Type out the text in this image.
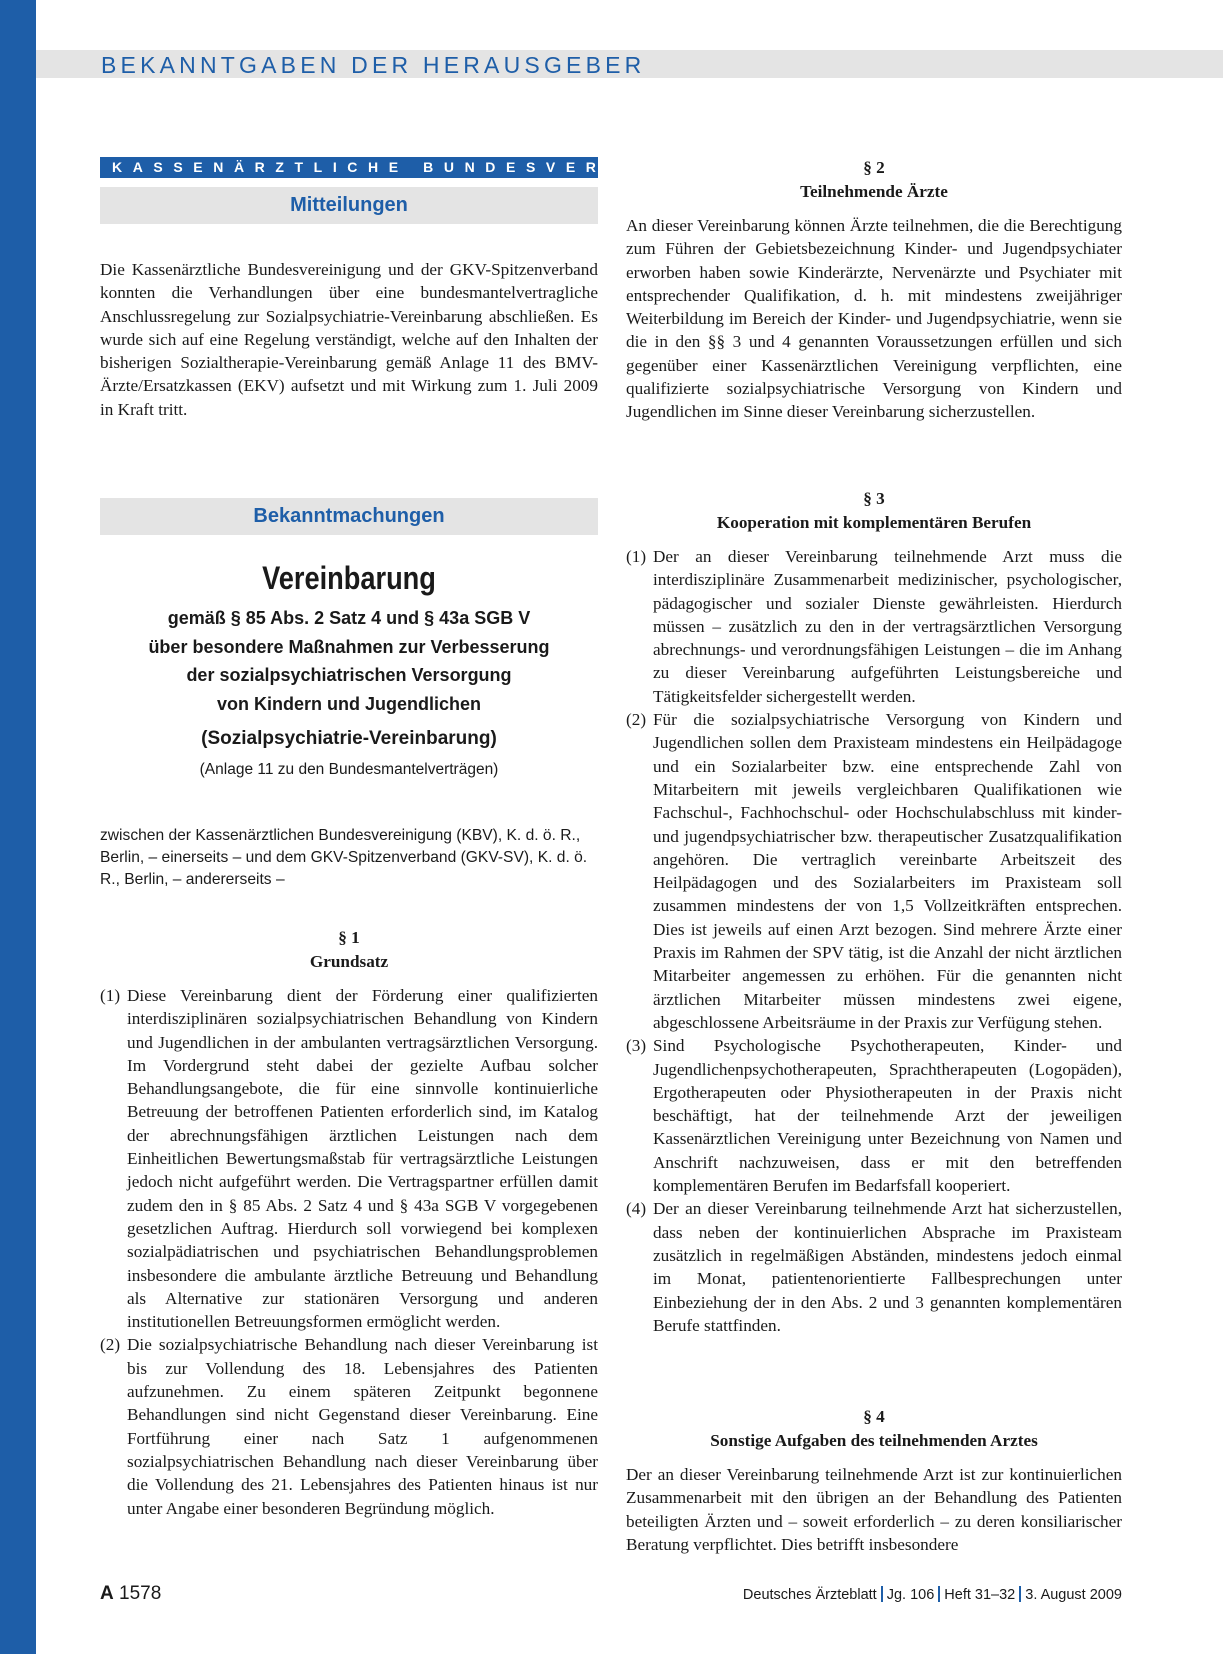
BEKANNTGABEN DER HERAUSGEBER
KASSENÄRZTLICHE BUNDESVEREINIGUNG
Mitteilungen

Die Kassenärztliche Bundesvereinigung und der GKV-Spitzenverband konnten die Verhandlungen über eine bundesmantelvertragliche Anschlussregelung zur Sozialpsychiatrie-Vereinbarung abschließen. Es wurde sich auf eine Regelung verständigt, welche auf den Inhalten der bisherigen Sozialtherapie-Vereinbarung gemäß Anlage 11 des BMV-Ärzte/Ersatzkassen (EKV) aufsetzt und mit Wirkung zum 1. Juli 2009 in Kraft tritt.

Bekanntmachungen

Vereinbarung

gemäß § 85 Abs. 2 Satz 4 und § 43a SGB V

über besondere Maßnahmen zur Verbesserung

der sozialpsychiatrischen Versorgung

von Kindern und Jugendlichen

(Sozialpsychiatrie-Vereinbarung)

(Anlage 11 zu den Bundesmantelverträgen)

zwischen der Kassenärztlichen Bundesvereinigung (KBV), K. d. ö. R., Berlin, – einerseits – und dem GKV-Spitzenverband (GKV-SV), K. d. ö. R., Berlin, – andererseits –

§ 1

Grundsatz

(1) Diese Vereinbarung dient der Förderung einer qualifizierten interdisziplinären sozialpsychiatrischen Behandlung von Kindern und Jugendlichen in der ambulanten vertragsärztlichen Versorgung. Im Vordergrund steht dabei der gezielte Aufbau solcher Behandlungsangebote, die für eine sinnvolle kontinuierliche Betreuung der betroffenen Patienten erforderlich sind, im Katalog der abrechnungsfähigen ärztlichen Leistungen nach dem Einheitlichen Bewertungsmaßstab für vertragsärztliche Leistungen jedoch nicht aufgeführt werden. Die Vertragspartner erfüllen damit zudem den in § 85 Abs. 2 Satz 4 und § 43a SGB V vorgegebenen gesetzlichen Auftrag. Hierdurch soll vorwiegend bei komplexen sozialpädiatrischen und psychiatrischen Behandlungsproblemen insbesondere die ambulante ärztliche Betreuung und Behandlung als Alternative zur stationären Versorgung und anderen institutionellen Betreuungsformen ermöglicht werden.
(2) Die sozialpsychiatrische Behandlung nach dieser Vereinbarung ist bis zur Vollendung des 18. Lebensjahres des Patienten aufzunehmen. Zu einem späteren Zeitpunkt begonnene Behandlungen sind nicht Gegenstand dieser Vereinbarung. Eine Fortführung einer nach Satz 1 aufgenommenen sozialpsychiatrischen Behandlung nach dieser Vereinbarung über die Vollendung des 21. Lebensjahres des Patienten hinaus ist nur unter Angabe einer besonderen Begründung möglich.

§ 2

Teilnehmende Ärzte

An dieser Vereinbarung können Ärzte teilnehmen, die die Berechtigung zum Führen der Gebietsbezeichnung Kinder- und Jugendpsychiater erworben haben sowie Kinderärzte, Nervenärzte und Psychiater mit entsprechender Qualifikation, d. h. mit mindestens zweijähriger Weiterbildung im Bereich der Kinder- und Jugendpsychiatrie, wenn sie die in den §§ 3 und 4 genannten Voraussetzungen erfüllen und sich gegenüber einer Kassenärztlichen Vereinigung verpflichten, eine qualifizierte sozialpsychiatrische Versorgung von Kindern und Jugendlichen im Sinne dieser Vereinbarung sicherzustellen.

§ 3

Kooperation mit komplementären Berufen

(1) Der an dieser Vereinbarung teilnehmende Arzt muss die interdisziplinäre Zusammenarbeit medizinischer, psychologischer, pädagogischer und sozialer Dienste gewährleisten. Hierdurch müssen – zusätzlich zu den in der vertragsärztlichen Versorgung abrechnungs- und verordnungsfähigen Leistungen – die im Anhang zu dieser Vereinbarung aufgeführten Leistungsbereiche und Tätigkeitsfelder sichergestellt werden.
(2) Für die sozialpsychiatrische Versorgung von Kindern und Jugendlichen sollen dem Praxisteam mindestens ein Heilpädagoge und ein Sozialarbeiter bzw. eine entsprechende Zahl von Mitarbeitern mit jeweils vergleichbaren Qualifikationen wie Fachschul-, Fachhochschul- oder Hochschulabschluss mit kinder- und jugendpsychiatrischer bzw. therapeutischer Zusatzqualifikation angehören. Die vertraglich vereinbarte Arbeitszeit des Heilpädagogen und des Sozialarbeiters im Praxisteam soll zusammen mindestens der von 1,5 Vollzeitkräften entsprechen. Dies ist jeweils auf einen Arzt bezogen. Sind mehrere Ärzte einer Praxis im Rahmen der SPV tätig, ist die Anzahl der nicht ärztlichen Mitarbeiter angemessen zu erhöhen. Für die genannten nicht ärztlichen Mitarbeiter müssen mindestens zwei eigene, abgeschlossene Arbeitsräume in der Praxis zur Verfügung stehen.
(3) Sind Psychologische Psychotherapeuten, Kinder- und Jugendlichenpsychotherapeuten, Sprachtherapeuten (Logopäden), Ergotherapeuten oder Physiotherapeuten in der Praxis nicht beschäftigt, hat der teilnehmende Arzt der jeweiligen Kassenärztlichen Vereinigung unter Bezeichnung von Namen und Anschrift nachzuweisen, dass er mit den betreffenden komplementären Berufen im Bedarfsfall kooperiert.
(4) Der an dieser Vereinbarung teilnehmende Arzt hat sicherzustellen, dass neben der kontinuierlichen Absprache im Praxisteam zusätzlich in regelmäßigen Abständen, mindestens jedoch einmal im Monat, patientenorientierte Fallbesprechungen unter Einbeziehung der in den Abs. 2 und 3 genannten komplementären Berufe stattfinden.

§ 4

Sonstige Aufgaben des teilnehmenden Arztes

Der an dieser Vereinbarung teilnehmende Arzt ist zur kontinuierlichen Zusammenarbeit mit den übrigen an der Behandlung des Patienten beteiligten Ärzten und – soweit erforderlich – zu deren konsiliarischer Beratung verpflichtet. Dies betrifft insbesondere

A 1578	Deutsches Ärzteblatt Jg. 106 Heft 31–32 3. August 2009
